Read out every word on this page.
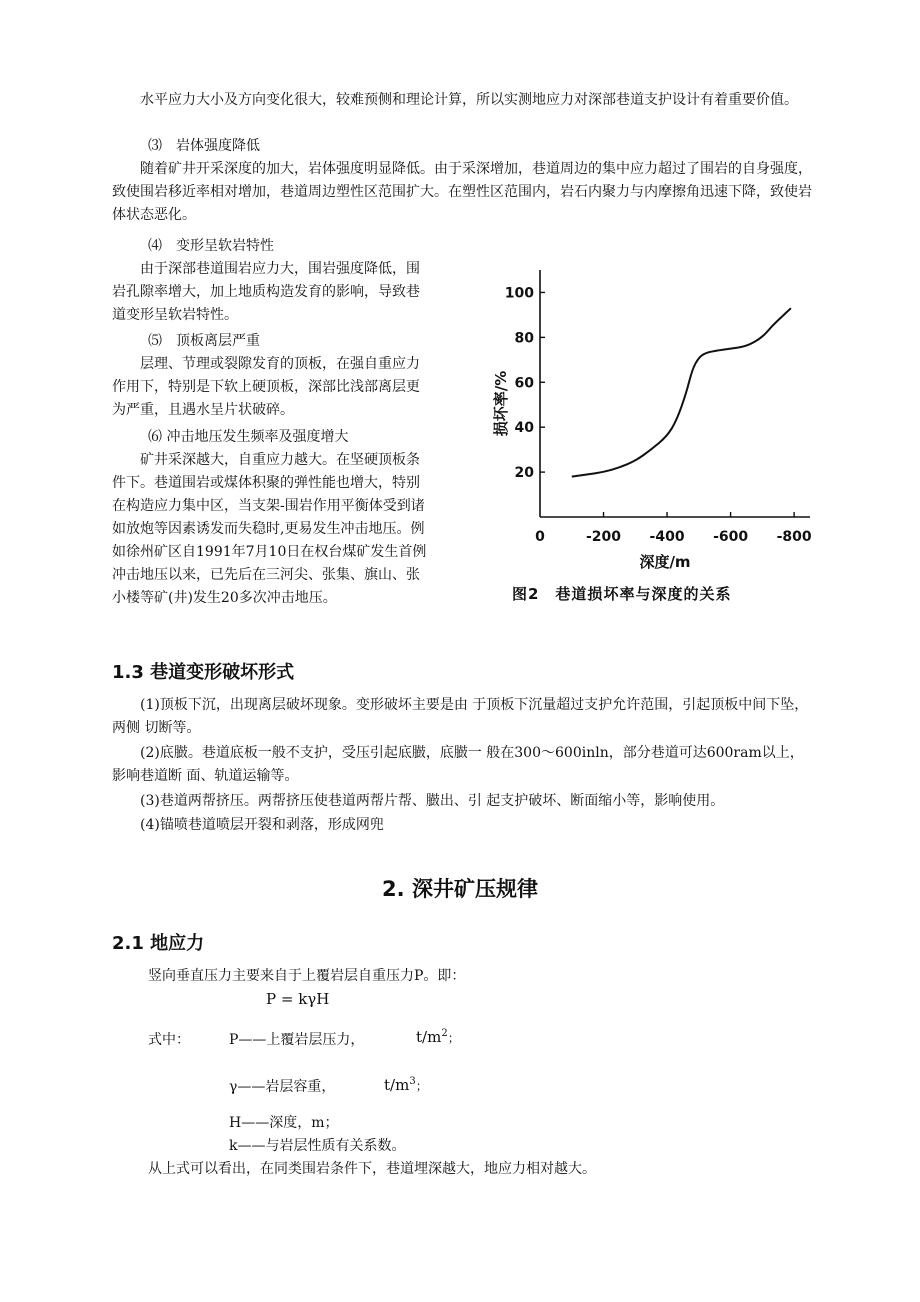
水平应力大小及方向变化很大，较难预侧和理论计算，所以实测地应力对深部巷道支护设计有着重要价值。

⑶　岩体强度降低

随着矿井开采深度的加大，岩体强度明显降低。由于采深增加，巷道周边的集中应力超过了围岩的自身强度，致使围岩移近率相对增加，巷道周边塑性区范围扩大。在塑性区范围内，岩石内聚力与内摩擦角迅速下降，致使岩体状态恶化。

⑷　变形呈软岩特性

由于深部巷道围岩应力大，围岩强度降低，围岩孔隙率增大，加上地质构造发育的影响，导致巷道变形呈软岩特性。

⑸　顶板离层严重

层理、节理或裂隙发育的顶板，在强自重应力作用下，特别是下软上硬顶板，深部比浅部离层更为严重，且遇水呈片状破碎。

⑹ 冲击地压发生频率及强度增大

矿井采深越大，自重应力越大。在坚硬顶板条件下。巷道围岩或煤体积聚的弹性能也增大，特别在构造应力集中区，当支架-围岩作用平衡体受到诸如放炮等因素诱发而失稳时,更易发生冲击地压。例如徐州矿区自1991年7月10日在权台煤矿发生首例冲击地压以来，已先后在三河尖、张集、旗山、张小楼等矿(井)发生20多次冲击地压。

20
40
60
80
100
0	-200 -400 -600 -800
损坏率/%
深度/m
图2　巷道损坏率与深度的关系
1.3 巷道变形破坏形式

(1)顶板下沉，出现离层破坏现象。变形破坏主要是由 于顶板下沉量超过支护允许范围，引起顶板中间下坠，两侧 切断等。

(2)底臌。巷道底板一般不支护，受压引起底臌，底臌一 般在300～600inln，部分巷道可达600ram以上，影响巷道断 面、轨道运输等。

(3)巷道两帮挤压。两帮挤压使巷道两帮片帮、臌出、引 起支护破坏、断面缩小等，影响使用。

(4)锚喷巷道喷层开裂和剥落，形成网兜

2. 深井矿压规律
2.1 地应力

竖向垂直压力主要来自于上覆岩层自重压力P。即：

P = kγH
式中：	P——上覆岩层压力，	$t/m^2$；
γ——岩层容重，	$t/m^3$；
H——深度，m；
k——与岩层性质有关系数。

从上式可以看出，在同类围岩条件下，巷道埋深越大，地应力相对越大。
